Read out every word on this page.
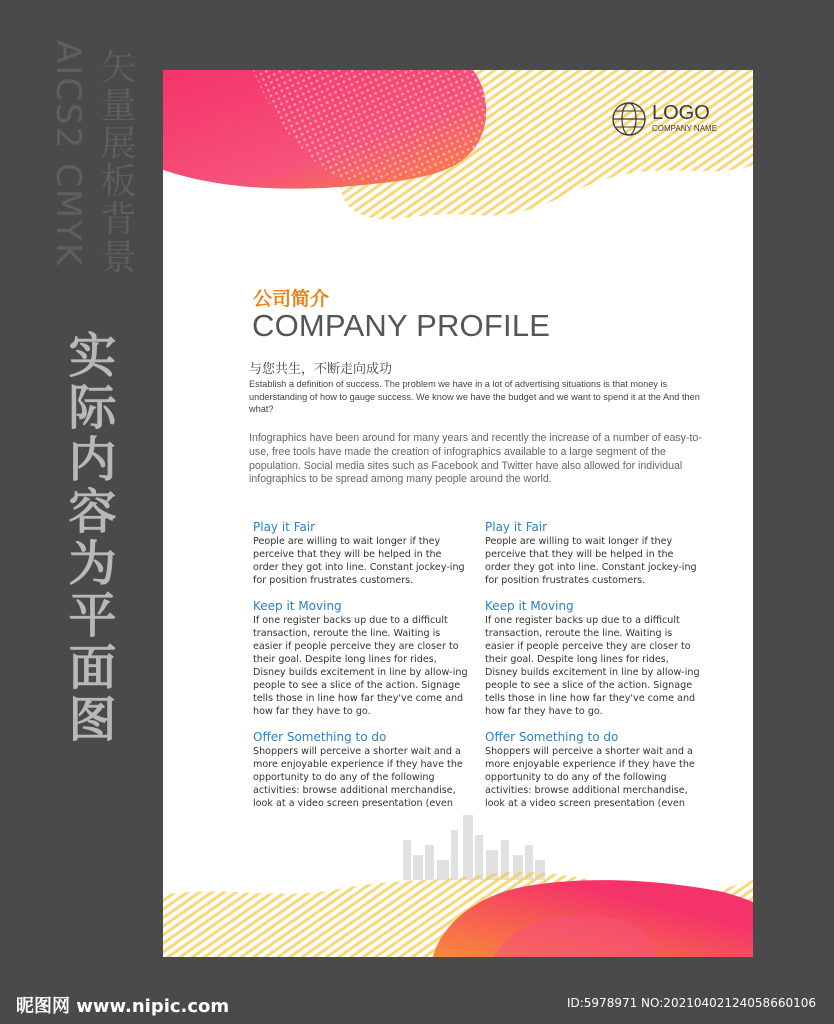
AICS2 CMYK 矢量展板背景
实际内容为平面图
LOGO
COMPANY NAME
公司简介
COMPANY PROFILE
与您共生，不断走向成功
Establish a definition of success. The problem we have in a lot of advertising situations is that money is understanding of how to gauge success. We know we have the budget and we want to spend it at the And then what?
Infographics have been around for many years and recently the increase of a number of easy-to-use, free tools have made the creation of infographics available to a large segment of the population. Social media sites such as Facebook and Twitter have also allowed for individual infographics to be spread among many people around the world.
Play it Fair

People are willing to wait longer if they perceive that they will be helped in the order they got into line. Constant jockey-ing for position frustrates customers.

Keep it Moving

If one register backs up due to a difficult transaction, reroute the line. Waiting is easier if people perceive they are closer to their goal. Despite long lines for rides, Disney builds excitement in line by allow-ing people to see a slice of the action. Signage tells those in line how far they've come and how far they have to go.

Offer Something to do

Shoppers will perceive a shorter wait and a more enjoyable experience if they have the opportunity to do any of the following activities: browse additional merchandise, look at a video screen presentation (even

Play it Fair

People are willing to wait longer if they perceive that they will be helped in the order they got into line. Constant jockey-ing for position frustrates customers.

Keep it Moving

If one register backs up due to a difficult transaction, reroute the line. Waiting is easier if people perceive they are closer to their goal. Despite long lines for rides, Disney builds excitement in line by allow-ing people to see a slice of the action. Signage tells those in line how far they've come and how far they have to go.

Offer Something to do

Shoppers will perceive a shorter wait and a more enjoyable experience if they have the opportunity to do any of the following activities: browse additional merchandise, look at a video screen presentation (even

昵图网 www.nipic.com	ID:5978971 NO:20210402124058660106
